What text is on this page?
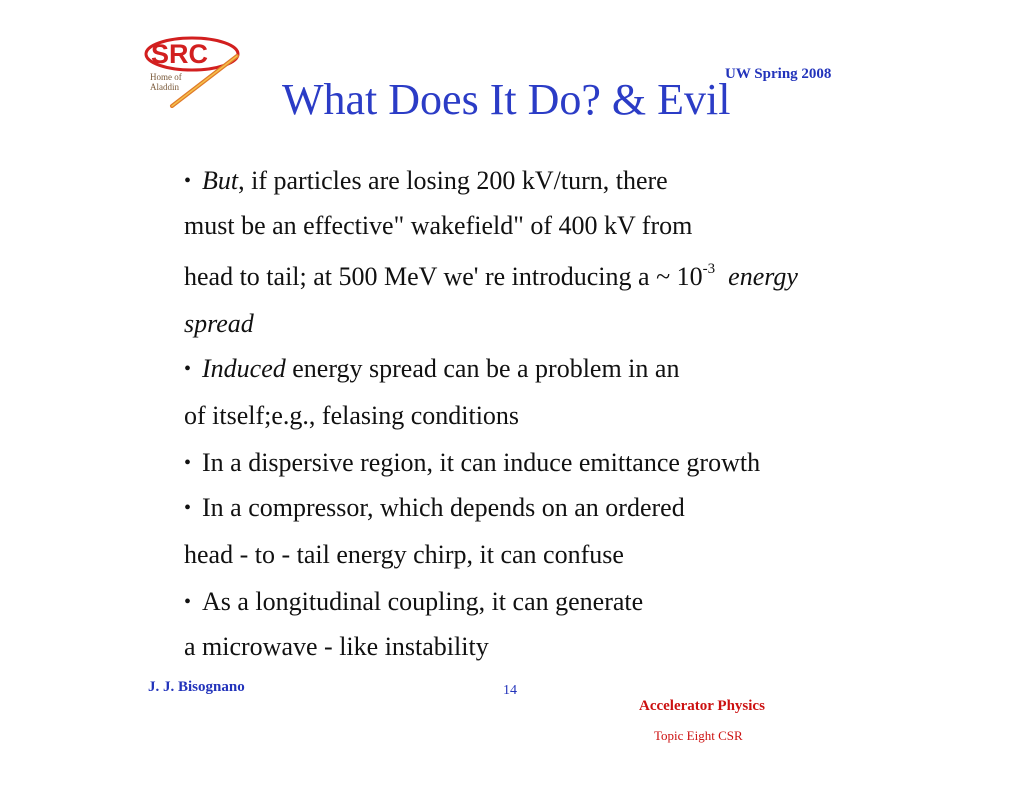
SRC
Home of
Aladdin
UW Spring 2008
What Does It Do? & Evil
• But, if particles are losing 200 kV/turn, there
must be an effective" wakefield" of 400 kV from
head to tail; at 500 MeV we' re introducing a ~ $10^{-3}$ energy
spread
• Induced energy spread can be a problem in an
of itself;e.g., felasing conditions
• In a dispersive region, it can induce emittance growth
• In a compressor, which depends on an ordered
head - to - tail energy chirp, it can confuse
• As a longitudinal coupling, it can generate
a microwave - like instability
J. J. Bisognano	14
Accelerator Physics
Topic Eight CSR
